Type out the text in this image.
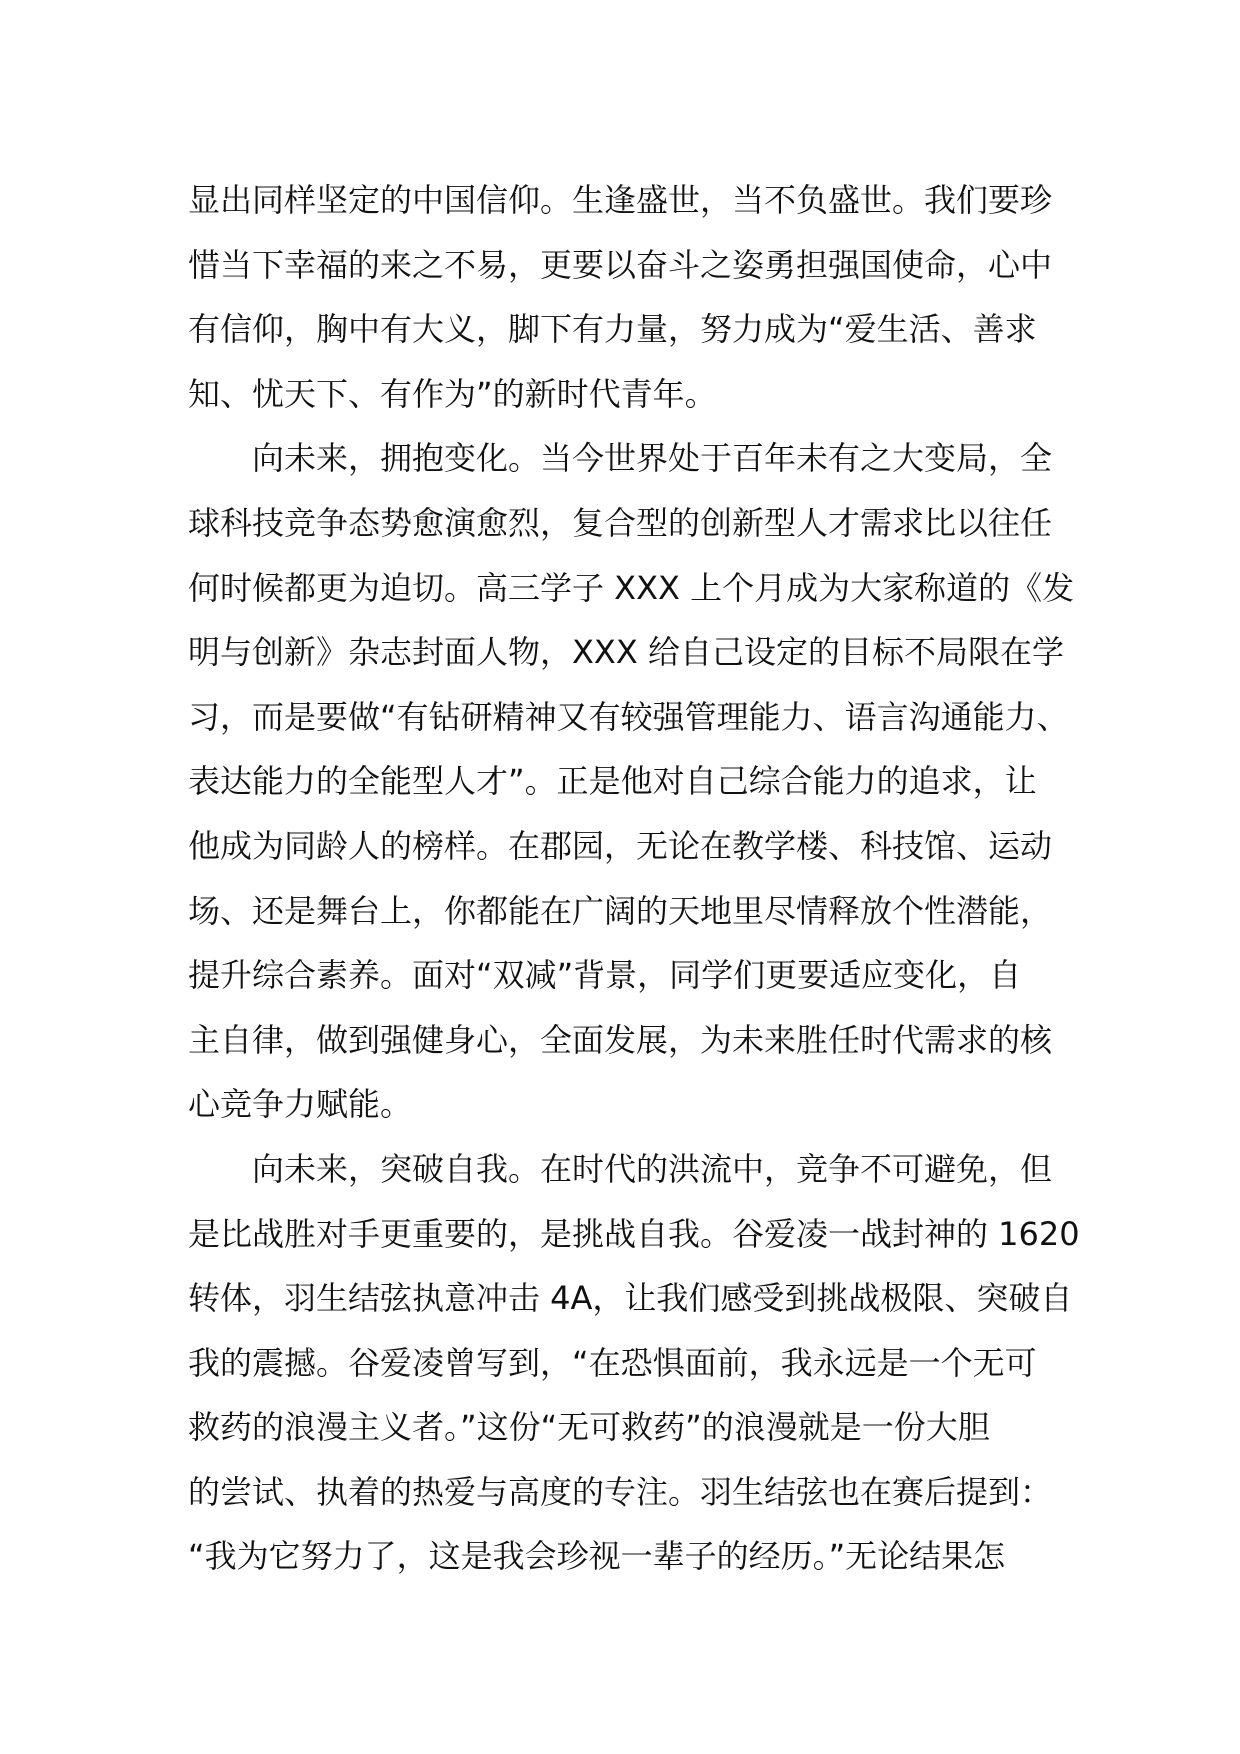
显出同样坚定的中国信仰。生逢盛世，当不负盛世。我们要珍
惜当下幸福的来之不易，更要以奋斗之姿勇担强国使命，心中
有信仰，胸中有大义，脚下有力量，努力成为“爱生活、善求
知、忧天下、有作为”的新时代青年。
　　向未来，拥抱变化。当今世界处于百年未有之大变局，全
球科技竞争态势愈演愈烈，复合型的创新型人才需求比以往任
何时候都更为迫切。高三学子 XXX 上个月成为大家称道的《发
明与创新》杂志封面人物，XXX 给自己设定的目标不局限在学
习，而是要做“有钻研精神又有较强管理能力、语言沟通能力、
表达能力的全能型人才”。正是他对自己综合能力的追求，让
他成为同龄人的榜样。在郡园，无论在教学楼、科技馆、运动
场、还是舞台上，你都能在广阔的天地里尽情释放个性潜能，
提升综合素养。面对“双减”背景，同学们更要适应变化，自
主自律，做到强健身心，全面发展，为未来胜任时代需求的核
心竞争力赋能。
　　向未来，突破自我。在时代的洪流中，竞争不可避免，但
是比战胜对手更重要的，是挑战自我。谷爱凌一战封神的 1620
转体，羽生结弦执意冲击 4A，让我们感受到挑战极限、突破自
我的震撼。谷爱凌曾写到，“在恐惧面前，我永远是一个无可
救药的浪漫主义者。”这份“无可救药”的浪漫就是一份大胆
的尝试、执着的热爱与高度的专注。羽生结弦也在赛后提到：
“我为它努力了，这是我会珍视一辈子的经历。”无论结果怎
